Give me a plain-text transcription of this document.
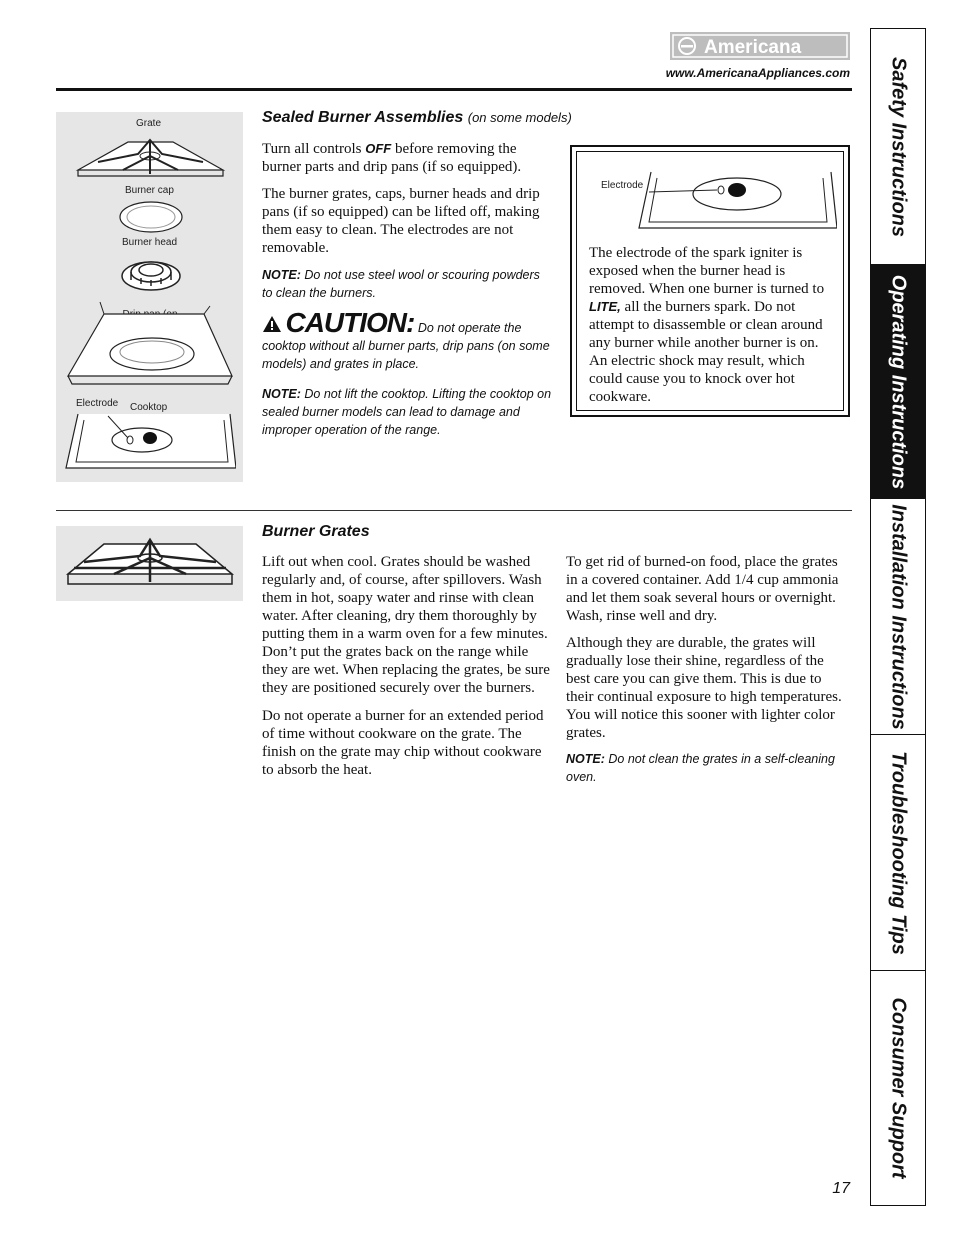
Americana
www.AmericanaAppliances.com
Grate
Burner cap
Burner head

Electrode Cooktop
Sealed Burner Assemblies (on some models)

Turn all controls OFF before removing the burner parts and drip pans (if so equipped).

The burner grates, caps, burner heads and drip pans (if so equipped) can be lifted off, making them easy to clean. The electrodes are not removable.

NOTE: Do not use steel wool or scouring powders to clean the burners.
CAUTION: Do not operate the cooktop without all burner parts, drip pans (on some models) and grates in place.
NOTE: Do not lift the cooktop. Lifting the cooktop on sealed burner models can lead to damage and improper operation of the range.
Electrode
The electrode of the spark igniter is exposed when the burner head is removed. When one burner is turned to LITE, all the burners spark. Do not attempt to disassemble or clean around any burner while another burner is on. An electric shock may result, which could cause you to knock over hot cookware.
Burner Grates

Lift out when cool. Grates should be washed regularly and, of course, after spillovers. Wash them in hot, soapy water and rinse with clean water. After cleaning, dry them thoroughly by putting them in a warm oven for a few minutes. Don’t put the grates back on the range while they are wet. When replacing the grates, be sure they are positioned securely over the burners.

Do not operate a burner for an extended period of time without cookware on the grate. The finish on the grate may chip without cookware to absorb the heat.

To get rid of burned-on food, place the grates in a covered container. Add 1/4 cup ammonia and let them soak several hours or overnight. Wash, rinse well and dry.

Although they are durable, the grates will gradually lose their shine, regardless of the best care you can give them. This is due to their continual exposure to high temperatures. You will notice this sooner with lighter color grates.

NOTE: Do not clean the grates in a self-cleaning oven.
Safety Instructions
Operating Instructions
Installation Instructions
Troubleshooting Tips
Consumer Support
17
